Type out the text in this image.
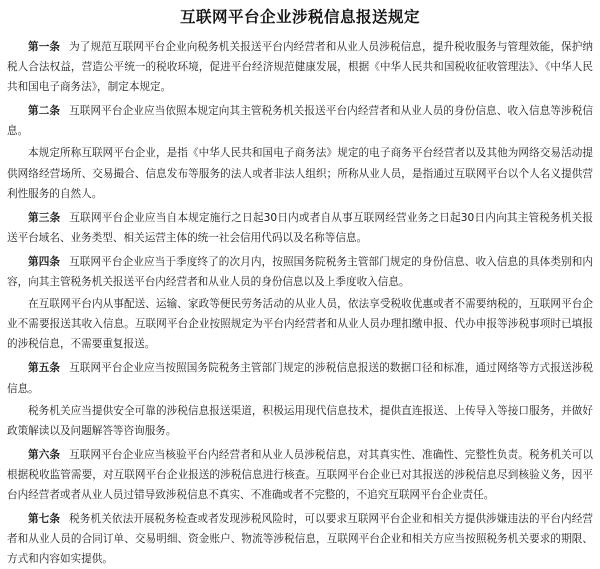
互联网平台企业涉税信息报送规定

第一条 为了规范互联网平台企业向税务机关报送平台内经营者和从业人员涉税信息，提升税收服务与管理效能，保护纳税人合法权益，营造公平统一的税收环境，促进平台经济规范健康发展，根据《中华人民共和国税收征收管理法》、《中华人民共和国电子商务法》，制定本规定。

第二条 互联网平台企业应当依照本规定向其主管税务机关报送平台内经营者和从业人员的身份信息、收入信息等涉税信息。

本规定所称互联网平台企业，是指《中华人民共和国电子商务法》规定的电子商务平台经营者以及其他为网络交易活动提供网络经营场所、交易撮合、信息发布等服务的法人或者非法人组织；所称从业人员，是指通过互联网平台以个人名义提供营利性服务的自然人。

第三条 互联网平台企业应当自本规定施行之日起30日内或者自从事互联网经营业务之日起30日内向其主管税务机关报送平台域名、业务类型、相关运营主体的统一社会信用代码以及名称等信息。

第四条 互联网平台企业应当于季度终了的次月内，按照国务院税务主管部门规定的身份信息、收入信息的具体类别和内容，向其主管税务机关报送平台内经营者和从业人员的身份信息以及上季度收入信息。

在互联网平台内从事配送、运输、家政等便民劳务活动的从业人员，依法享受税收优惠或者不需要纳税的，互联网平台企业不需要报送其收入信息。互联网平台企业按照规定为平台内经营者和从业人员办理扣缴申报、代办申报等涉税事项时已填报的涉税信息，不需要重复报送。

第五条 互联网平台企业应当按照国务院税务主管部门规定的涉税信息报送的数据口径和标准，通过网络等方式报送涉税信息。

税务机关应当提供安全可靠的涉税信息报送渠道，积极运用现代信息技术，提供直连报送、上传导入等接口服务，并做好政策解读以及问题解答等咨询服务。

第六条 互联网平台企业应当核验平台内经营者和从业人员涉税信息，对其真实性、准确性、完整性负责。税务机关可以根据税收监管需要，对互联网平台企业报送的涉税信息进行核查。互联网平台企业已对其报送的涉税信息尽到核验义务，因平台内经营者或者从业人员过错导致涉税信息不真实、不准确或者不完整的，不追究互联网平台企业责任。

第七条 税务机关依法开展税务检查或者发现涉税风险时，可以要求互联网平台企业和相关方提供涉嫌违法的平台内经营者和从业人员的合同订单、交易明细、资金账户、物流等涉税信息，互联网平台企业和相关方应当按照税务机关要求的期限、方式和内容如实提供。
